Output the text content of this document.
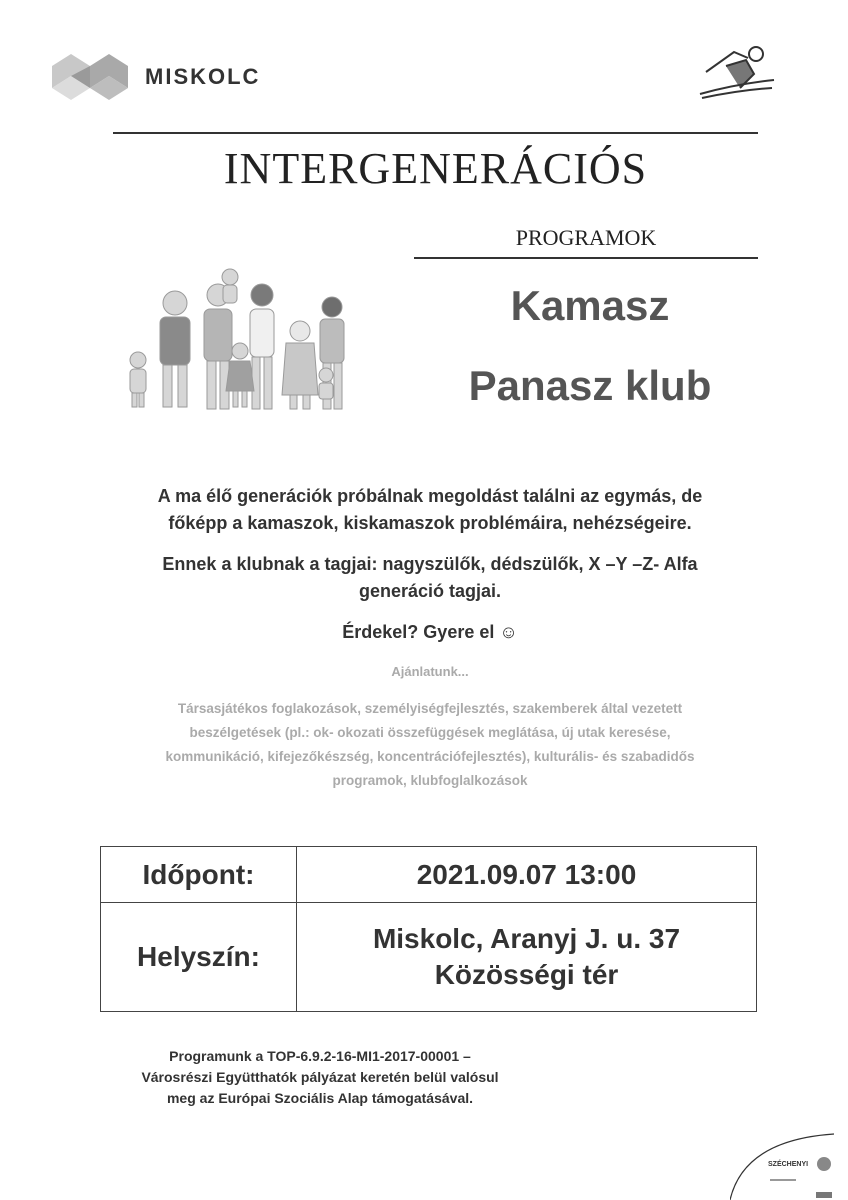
MISKOLC
INTERGENERÁCIÓS
PROGRAMOK
Kamasz
Panasz klub
A ma élő generációk próbálnak megoldást találni az egymás, de
főképp a kamaszok, kiskamaszok problémáira, nehézségeire.
Ennek a klubnak a tagjai: nagyszülők, dédszülők, X –Y –Z- Alfa
generáció tagjai.
Érdekel? Gyere el ☺
Ajánlatunk...
Társasjátékos foglakozások, személyiségfejlesztés, szakemberek által vezetett
beszélgetések (pl.: ok- okozati összefüggések meglátása, új utak keresése,
kommunikáció, kifejezőkészség, koncentrációfejlesztés), kulturális- és szabadidős
programok, klubfoglalkozások
Időpont:	2021.09.07 13:00
Helyszín:
Miskolc, Aranyj J. u. 37
Közösségi tér
Programunk a TOP-6.9.2-16-MI1-2017-00001 –
Városrészi Együtthatók pályázat keretén belül valósul
meg az Európai Szociális Alap támogatásával.
SZÉCHENYI
